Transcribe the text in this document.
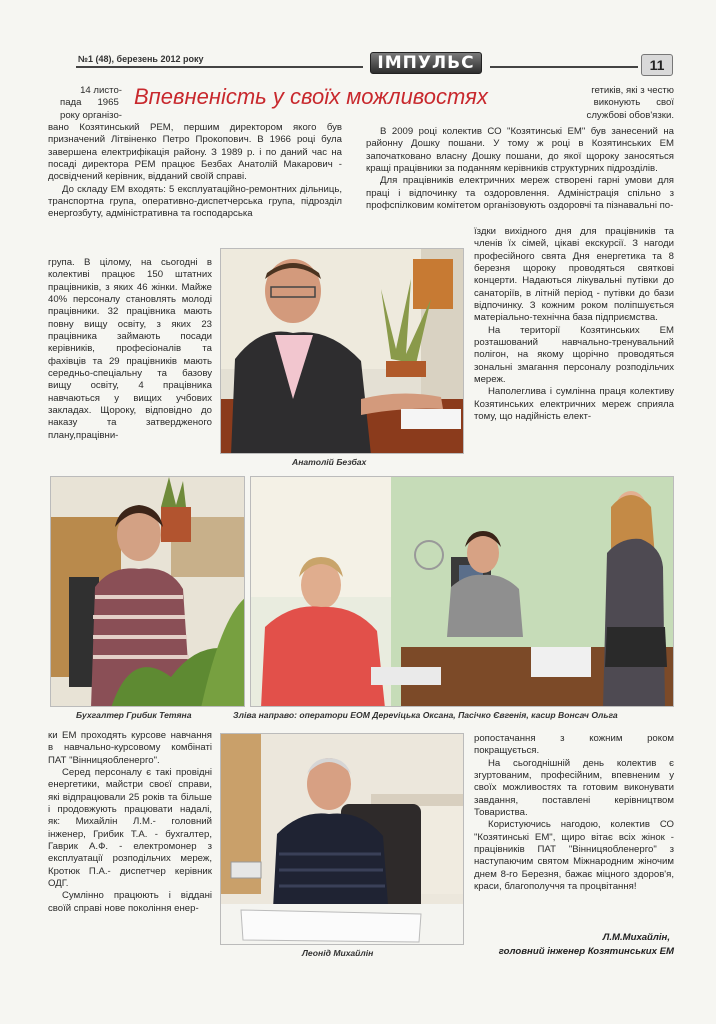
№1 (48), березень 2012 року	ІМПУЛЬС	11
Впевненість у своїх можливостях
14 листо-
пада      1965
року організо-

вано Козятинський РЕМ, першим директором якого був призначений Літвіненко Петро Прокопович. В 1966 році була завершена електрифікація району. З 1989 р. і по даний час на посаді директора РЕМ працює Безбах Анатолій Макарович - досвідчений керівник, відданий своїй справі.

До складу ЕМ входять: 5 експлуатаційно-ремонтних дільниць, транспортна група, оперативно-диспетчерська група, підрозділ енергозбуту, адміністративна та господарська

група. В цілому, на сьогодні в колективі працює 150 штатних працівників, з яких 46 жінки. Майже 40% персоналу становлять молоді працівники. 32 працівника мають повну вищу освіту, з яких 23 працівника займають посади керівників, професіоналів та фахівців та 29 працівників мають середньо-спеціальну та базову вищу освіту, 4 працівника навчаються у вищих учбових закладах. Щороку, відповідно до наказу та затвердженого плану,працівни-

гетиків, які з честю
виконують      свої
службові обов'язки.

В 2009 році колектив СО "Козятинські ЕМ" був занесений на районну Дошку пошани. У тому ж році в Козятинських ЕМ започатковано власну Дошку пошани, до якої щороку заносяться кращі працівники за поданням керівників структурних підрозділів.

Для працівників електричних мереж створені гарні умови для праці і відпочинку та оздоровлення. Адміністрація спільно з профспілковим комітетом організовують оздоровчі та пізнавальні по-

їздки вихідного дня для працівників та членів їх сімей, цікаві екскурсії. З нагоди професійного свята Дня енергетика та 8 березня щороку проводяться святкові концерти. Надаються лікувальні путівки до санаторіїв, в літній період - путівки до бази відпочинку. З кожним роком поліпшується матеріально-технічна база підприємства.

На території Козятинських ЕМ розташований навчально-тренувальний полігон, на якому щорічно проводяться зональні змагання персоналу розподільчих мереж.

Наполеглива і сумлінна праця колективу Козятинських електричних мереж сприяла тому, що надійність елект-

Анатолій Безбах
Бухгалтер Грибик Тетяна	Зліва направо: оператори ЕОМ Дерevіцька Оксана, Пасічко Євгенія, касир Вонсач Ольга

ки ЕМ проходять курсове навчання в навчально-курсовому комбінаті ПАТ "Вінницяобленерго".

Серед персоналу є такі провідні енергетики, майстри своєї справи, які відпрацювали 25 років та більше і продовжують працювати надалі, як: Михайлін Л.М.- головний інженер, Грибик Т.А. - бухгалтер, Гаврик А.Ф. - електромонер з експлуатації розподільчих мереж, Кротюк П.А.- диспетчер керівник ОДГ.

Сумлінно працюють і віддані своїй справі нове покоління енер-

Леонід Михайлін

ропостачання з кожним роком покращується.

На сьогоднішній день колектив є згуртованим, професійним, впевненим у своїх можливостях та готовим виконувати завдання, поставлені керівництвом Товариства.

Користуючись нагодою, колектив СО "Козятинські ЕМ", щиро вітає всіх жінок - працівників ПАТ "Вінницяобленерго" з наступаючим святом Міжнародним жіночим днем 8-го Березня, бажає міцного здоров'я, краси, благополуччя та процвітання!

Л.М.Михайлін,
головний інженер Козятинських ЕМ
